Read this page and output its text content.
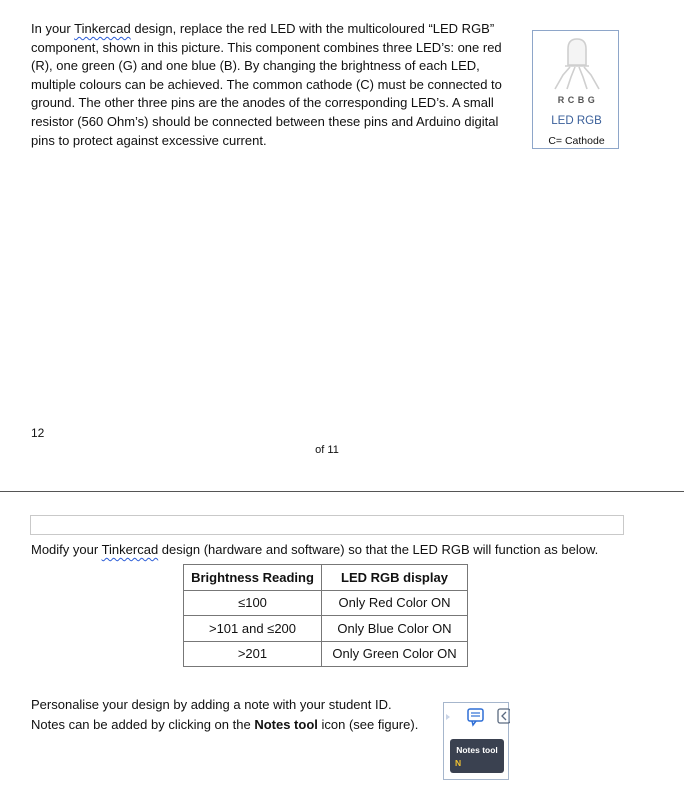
In your Tinkercad design, replace the red LED with the multicoloured “LED RGB” component, shown in this picture. This component combines three LED’s: one red (R), one green (G) and one blue (B). By changing the brightness of each LED, multiple colours can be achieved. The common cathode (C) must be connected to ground. The other three pins are the anodes of the corresponding LED’s. A small resistor (560 Ohm’s) should be connected between these pins and Arduino digital pins to protect against excessive current.
R C B G
LED RGB
C= Cathode
12
of 11
Modify your Tinkercad design (hardware and software) so that the LED RGB will function as below.
Brightness Reading	LED RGB display
≤100	Only Red Color ON
>101 and ≤200	Only Blue Color ON
>201	Only Green Color ON
Personalise your design by adding a note with your student ID.
Notes can be added by clicking on the Notes tool icon (see figure).
Notes tool
N
